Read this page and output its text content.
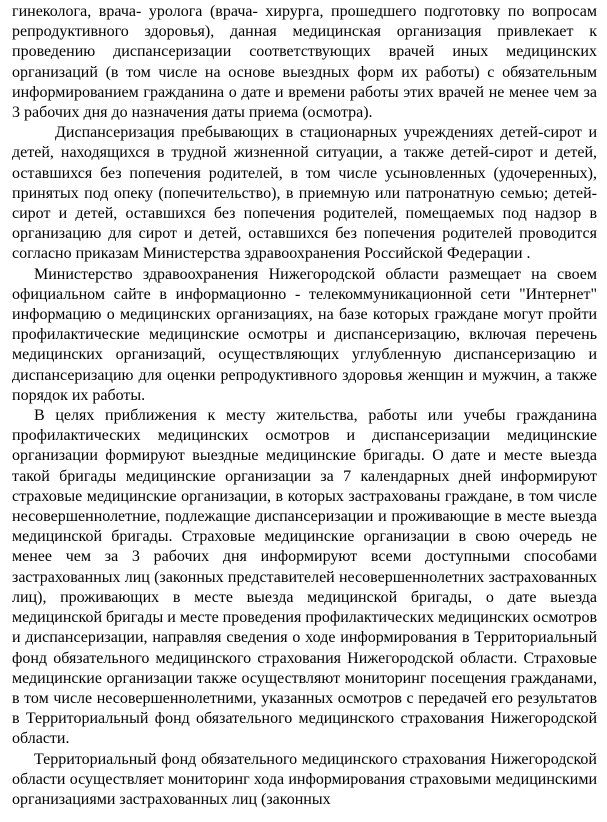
гинеколога, врача- уролога (врача- хирурга, прошедшего подготовку по вопросам репродуктивного здоровья), данная медицинская организация привлекает к проведению диспансеризации соответствующих врачей иных медицинских организаций (в том числе на основе выездных форм их работы) с обязательным информированием гражданина о дате и времени работы этих врачей не менее чем за 3 рабочих дня до назначения даты приема (осмотра).

Диспансеризация пребывающих в стационарных учреждениях детей-сирот и детей, находящихся в трудной жизненной ситуации, а также детей-сирот и детей, оставшихся без попечения родителей, в том числе усыновленных (удочеренных), принятых под опеку (попечительство), в приемную или патронатную семью; детей- сирот и детей, оставшихся без попечения родителей, помещаемых под надзор в организацию для сирот и детей, оставшихся без попечения родителей проводится согласно приказам Министерства здравоохранения Российской Федерации .

Министерство здравоохранения Нижегородской области размещает на своем официальном сайте в информационно - телекоммуникационной сети "Интернет" информацию о медицинских организациях, на базе которых граждане могут пройти профилактические медицинские осмотры и диспансеризацию, включая перечень медицинских организаций, осуществляющих углубленную диспансеризацию и диспансеризацию для оценки репродуктивного здоровья женщин и мужчин, а также порядок их работы.

В целях приближения к месту жительства, работы или учебы гражданина профилактических медицинских осмотров и диспансеризации медицинские организации формируют выездные медицинские бригады. О дате и месте выезда такой бригады медицинские организации за 7 календарных дней информируют страховые медицинские организации, в которых застрахованы граждане, в том числе несовершеннолетние, подлежащие диспансеризации и проживающие в месте выезда медицинской бригады. Страховые медицинские организации в свою очередь не менее чем за 3 рабочих дня информируют всеми доступными способами застрахованных лиц (законных представителей несовершеннолетних застрахованных лиц), проживающих в месте выезда медицинской бригады, о дате выезда медицинской бригады и месте проведения профилактических медицинских осмотров и диспансеризации, направляя сведения о ходе информирования в Территориальный фонд обязательного медицинского страхования Нижегородской области. Страховые медицинские организации также осуществляют мониторинг посещения гражданами, в том числе несовершеннолетними, указанных осмотров с передачей его результатов в Территориальный фонд обязательного медицинского страхования Нижегородской области.

Территориальный фонд обязательного медицинского страхования Нижегородской области осуществляет мониторинг хода информирования страховыми медицинскими организациями застрахованных лиц (законных
